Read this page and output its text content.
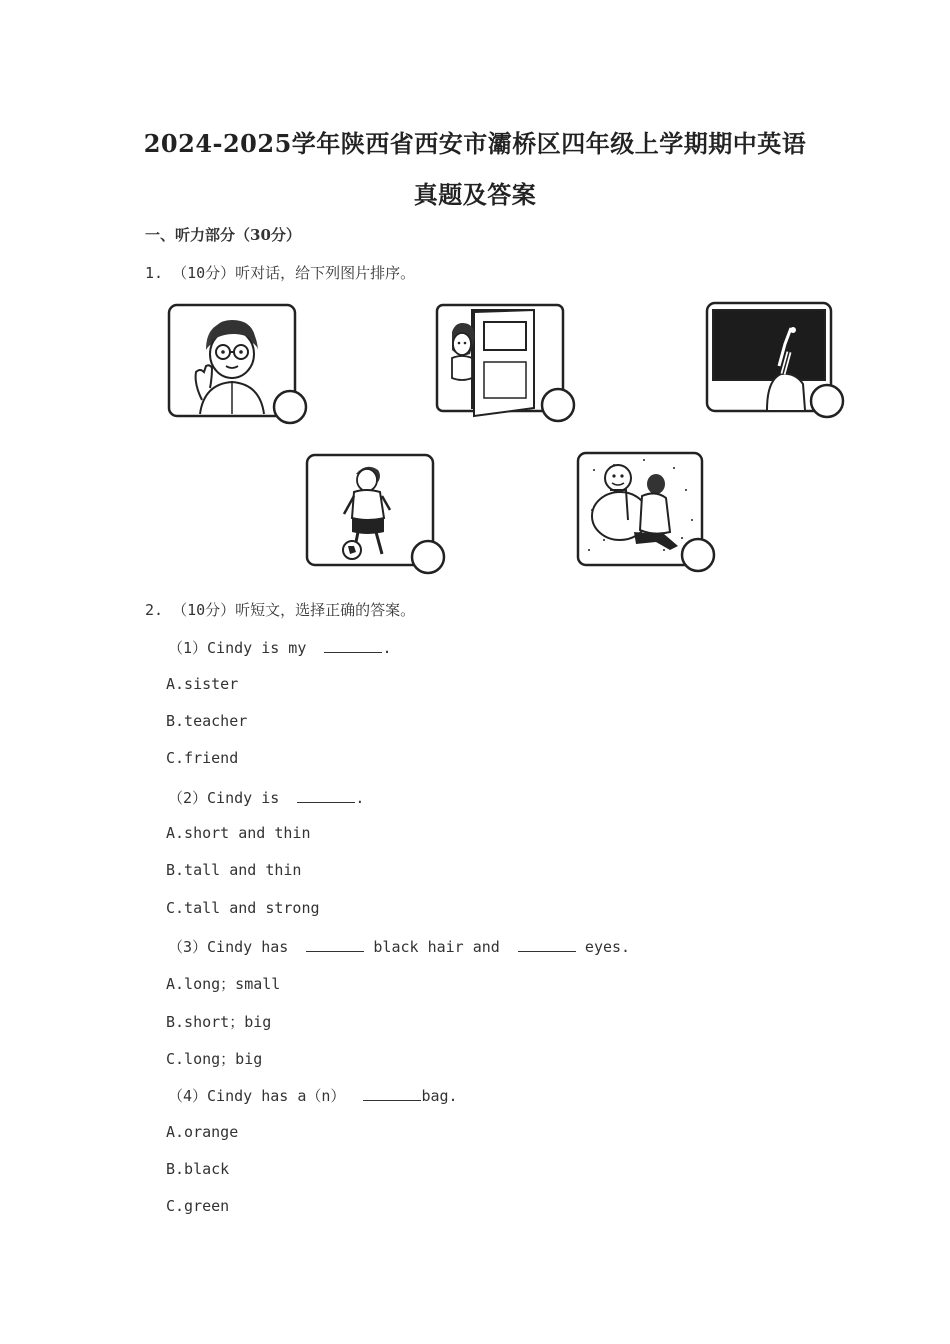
2024-2025学年陕西省西安市灞桥区四年级上学期期中英语
真题及答案
一、听力部分（30分）
1. （10分）听对话，给下列图片排序。
2. （10分）听短文，选择正确的答案。
（1）Cindy is my	.
A.sister
B.teacher
C.friend
（2）Cindy is	.
A.short and thin
B.tall and thin
C.tall and strong
（3）Cindy has	black hair and	eyes.
A.long；small
B.short；big
C.long；big
（4）Cindy has a（n）	bag.
A.orange
B.black
C.green
